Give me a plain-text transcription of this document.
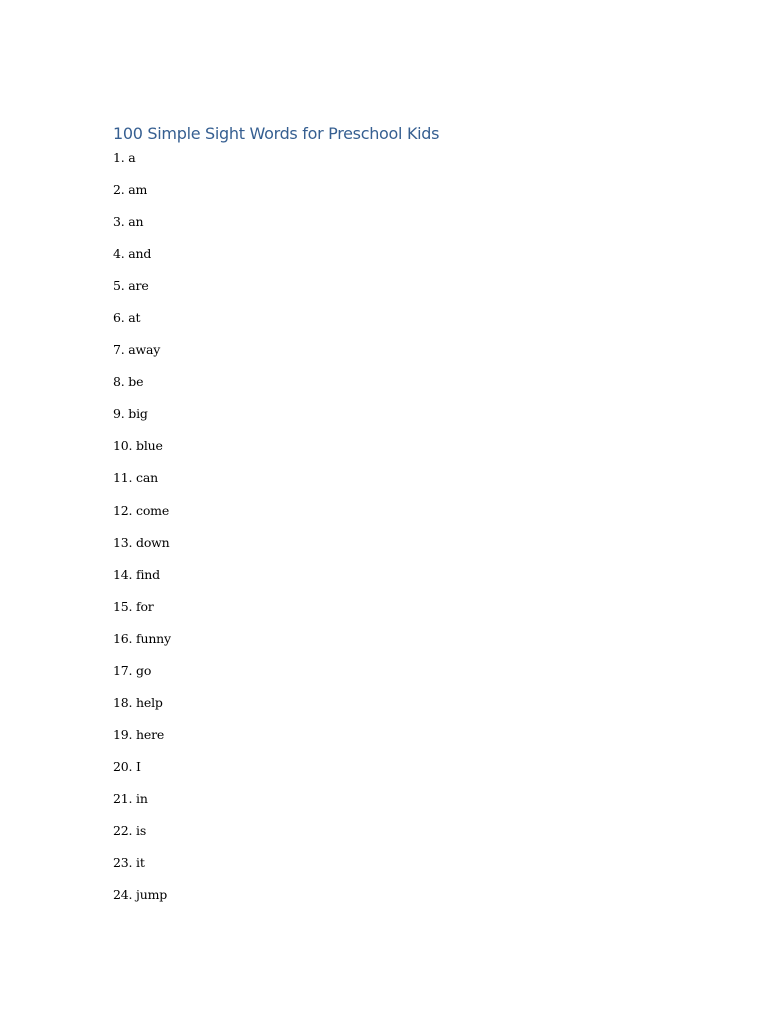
100 Simple Sight Words for Preschool Kids
1. a
2. am
3. an
4. and
5. are
6. at
7. away
8. be
9. big
10. blue
11. can
12. come
13. down
14. find
15. for
16. funny
17. go
18. help
19. here
20. I
21. in
22. is
23. it
24. jump
